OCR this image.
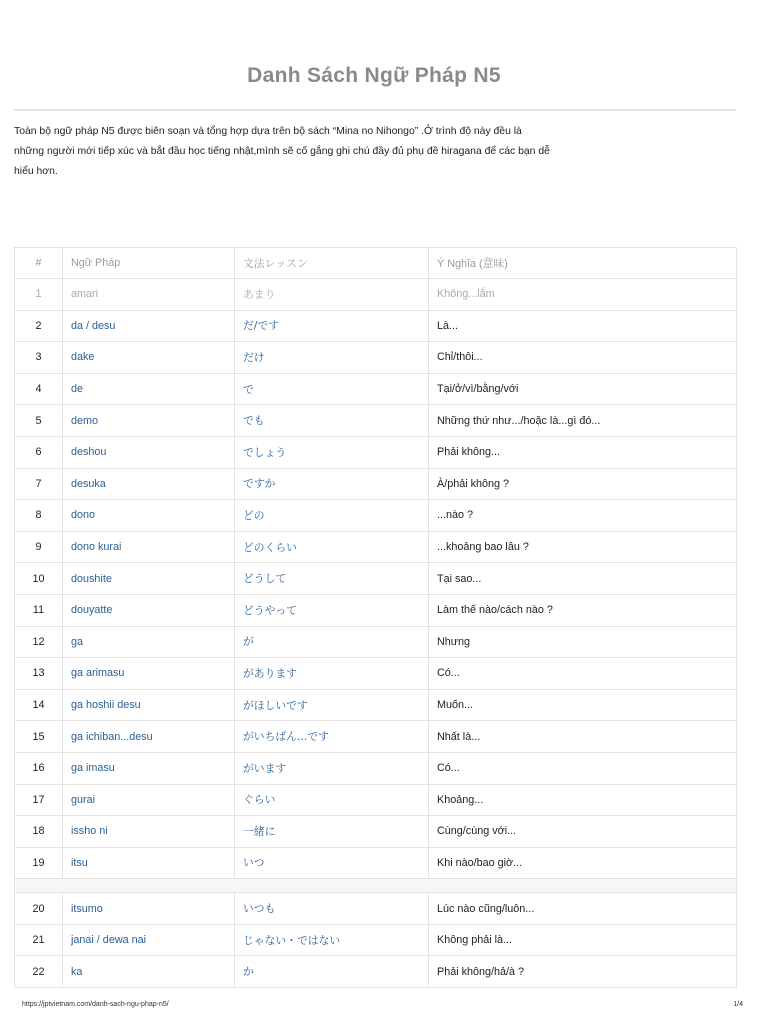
Danh Sách Ngữ Pháp N5
Toàn bộ ngữ pháp N5 được biên soạn và tổng hợp dựa trên bộ sách “Mina no Nihongo” .Ở trình độ này đều là
những người mới tiếp xúc và bắt đầu học tiếng nhật,mình sẽ cố gắng ghi chú đầy đủ phụ đề hiragana để các bạn dễ
hiểu hơn.
#	Ngữ Pháp	文法レッスン	Ý Nghĩa (意味)
1	amari	あまり	Không...lắm
2	da / desu	だ/です	Là...
3	dake	だけ	Chỉ/thôi...
4	de	で	Tại/ở/vì/bằng/với
5	demo	でも	Những thứ như.../hoặc là...gì đó...
6	deshou	でしょう	Phải không...
7	desuka	ですか	À/phải không ?
8	dono	どの	...nào ?
9	dono kurai	どのくらい	...khoảng bao lâu ?
10	doushite	どうして	Tại sao...
11	douyatte	どうやって	Làm thế nào/cách nào ?
12	ga	が	Nhưng
13	ga arimasu	があります	Có...
14	ga hoshii desu	がほしいです	Muốn...
15	ga ichiban...desu	がいちばん...です	Nhất là...
16	ga imasu	がいます	Có...
17	gurai	ぐらい	Khoảng...
18	issho ni	一緒に	Cùng/cùng với...
19	itsu	いつ	Khi nào/bao giờ...

20	itsumo	いつも	Lúc nào cũng/luôn...
21	janai / dewa nai	じゃない・ではない	Không phải là...
22	ka	か	Phải không/hả/à ?
https://jptvietnam.com/danh-sach-ngu-phap-n5/	1/4
